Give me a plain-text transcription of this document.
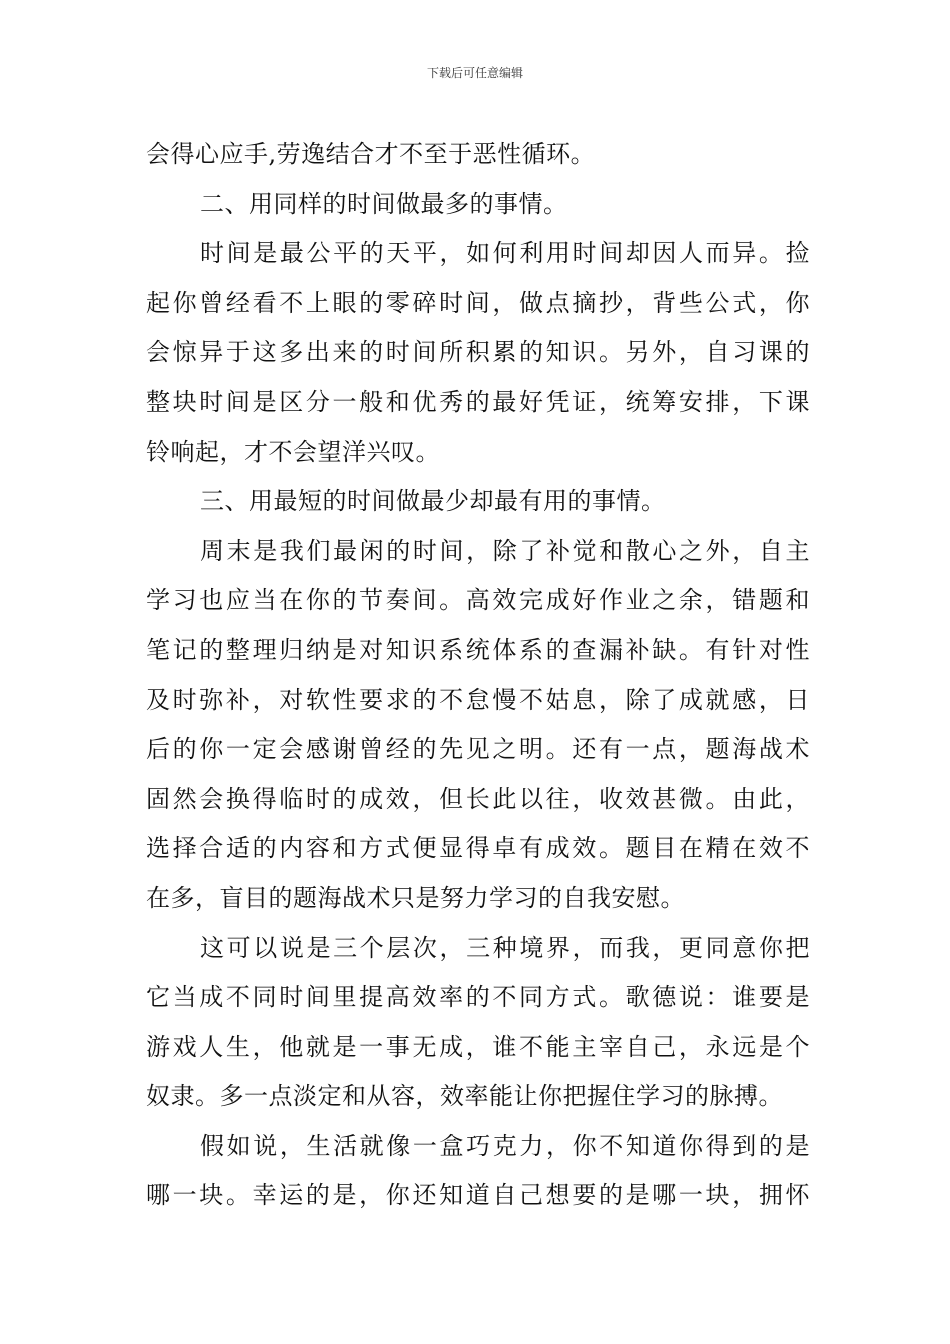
下载后可任意编辑
会得心应手,劳逸结合才不至于恶性循环。
二、用同样的时间做最多的事情。
时间是最公平的天平，如何利用时间却因人而异。捡
起你曾经看不上眼的零碎时间，做点摘抄，背些公式，你
会惊异于这多出来的时间所积累的知识。另外，自习课的
整块时间是区分一般和优秀的最好凭证，统筹安排，下课
铃响起，才不会望洋兴叹。
三、用最短的时间做最少却最有用的事情。
周末是我们最闲的时间，除了补觉和散心之外，自主
学习也应当在你的节奏间。高效完成好作业之余，错题和
笔记的整理归纳是对知识系统体系的查漏补缺。有针对性
及时弥补，对软性要求的不怠慢不姑息，除了成就感，日
后的你一定会感谢曾经的先见之明。还有一点，题海战术
固然会换得临时的成效，但长此以往，收效甚微。由此，
选择合适的内容和方式便显得卓有成效。题目在精在效不
在多，盲目的题海战术只是努力学习的自我安慰。
这可以说是三个层次，三种境界，而我，更同意你把
它当成不同时间里提高效率的不同方式。歌德说：谁要是
游戏人生，他就是一事无成，谁不能主宰自己，永远是个
奴隶。多一点淡定和从容，效率能让你把握住学习的脉搏。
假如说，生活就像一盒巧克力，你不知道你得到的是
哪一块。幸运的是，你还知道自己想要的是哪一块，拥怀
